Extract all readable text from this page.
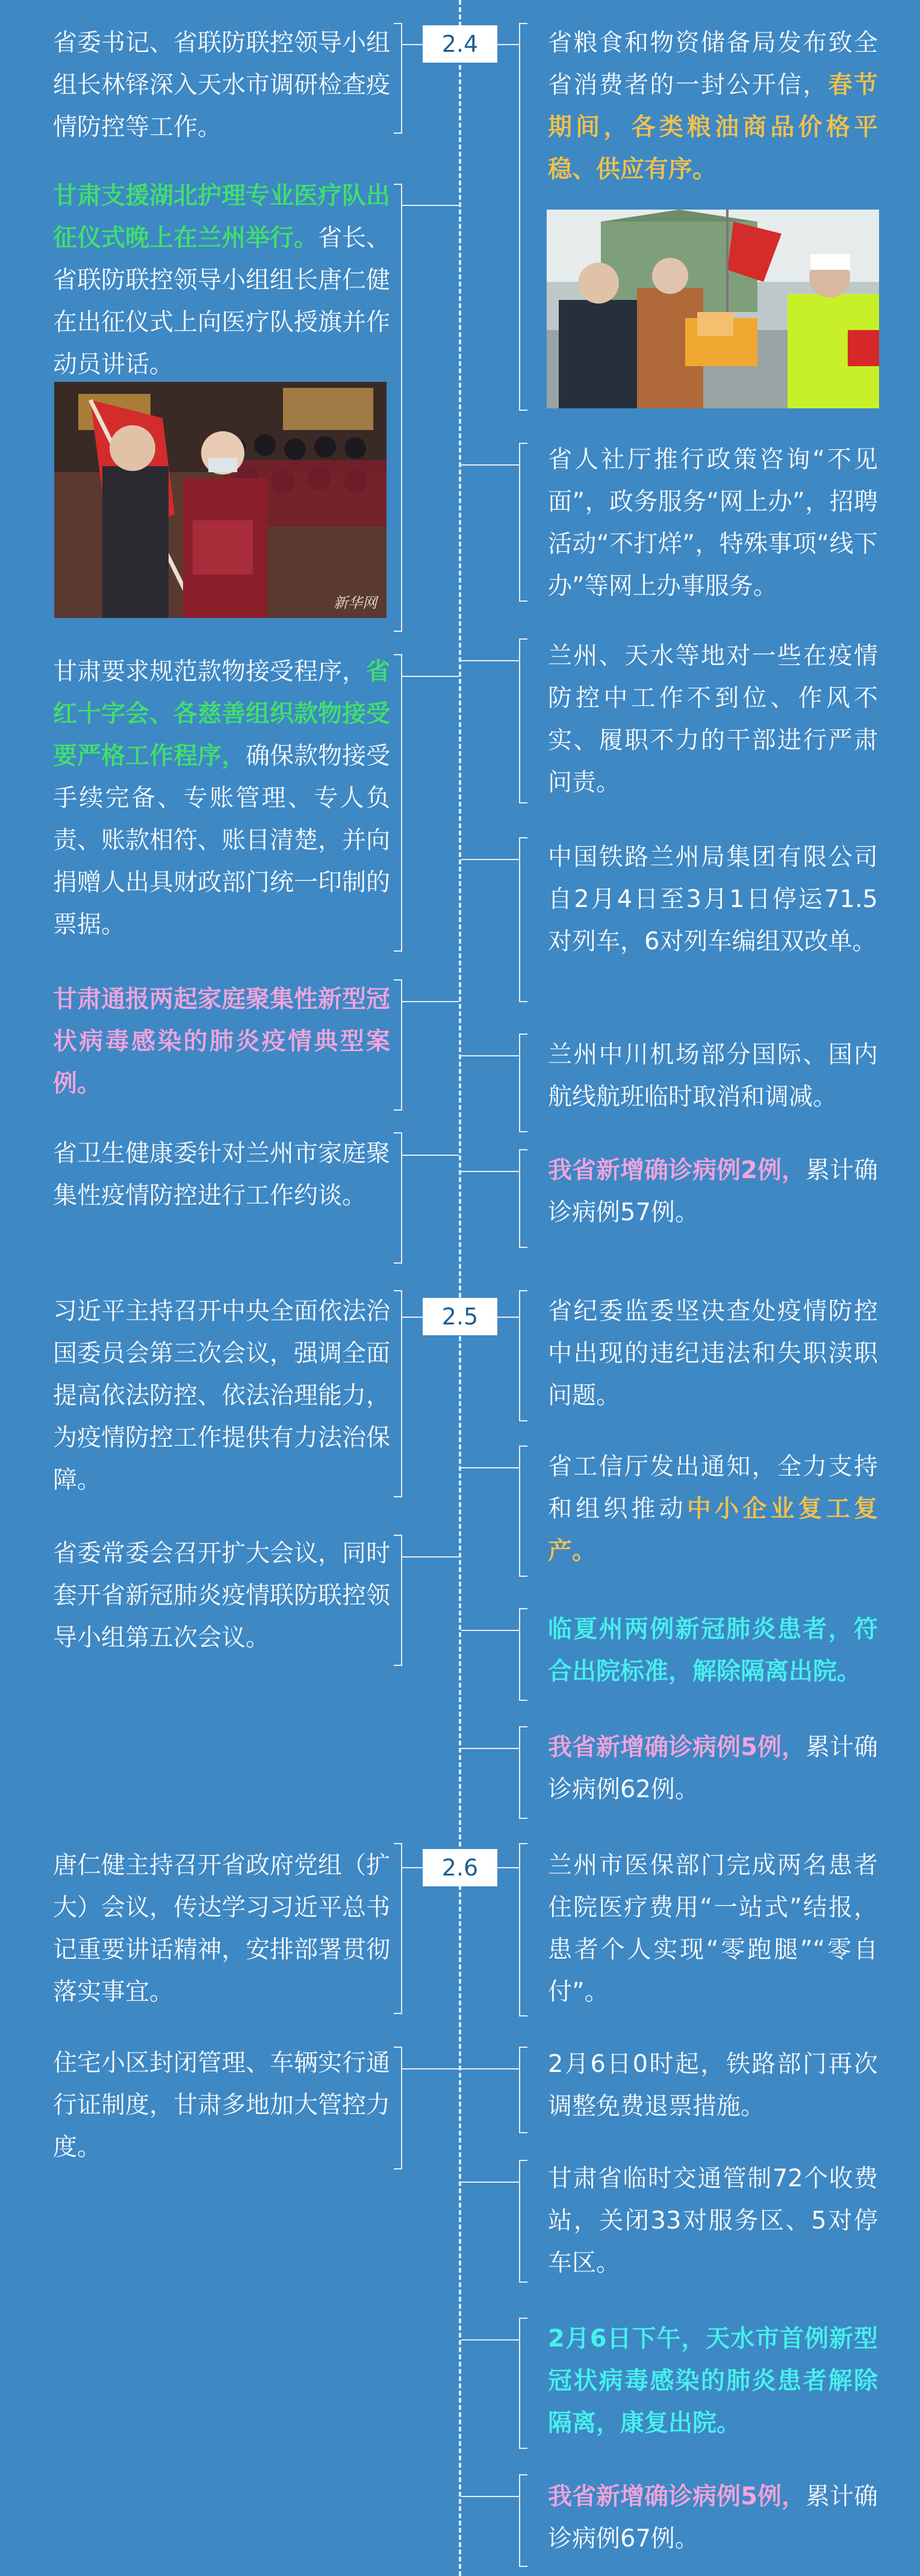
2.4
2.5
2.6

省委书记、省联防联控领导小组组长林铎深入天水市调研检查疫情防控等工作。

甘肃支援湖北护理专业医疗队出征仪式晚上在兰州举行。省长、省联防联控领导小组组长唐仁健在出征仪式上向医疗队授旗并作动员讲话。

新华网

甘肃要求规范款物接受程序，省红十字会、各慈善组织款物接受要严格工作程序，确保款物接受手续完备、专账管理、专人负责、账款相符、账目清楚，并向捐赠人出具财政部门统一印制的票据。

甘肃通报两起家庭聚集性新型冠状病毒感染的肺炎疫情典型案例。

省卫生健康委针对兰州市家庭聚集性疫情防控进行工作约谈。

习近平主持召开中央全面依法治国委员会第三次会议，强调全面提高依法防控、依法治理能力，为疫情防控工作提供有力法治保障。

省委常委会召开扩大会议，同时套开省新冠肺炎疫情联防联控领导小组第五次会议。

唐仁健主持召开省政府党组（扩大）会议，传达学习习近平总书记重要讲话精神，安排部署贯彻落实事宜。

住宅小区封闭管理、车辆实行通行证制度，甘肃多地加大管控力度。

省粮食和物资储备局发布致全省消费者的一封公开信，春节期间，各类粮油商品价格平稳、供应有序。

省人社厅推行政策咨询“不见面”，政务服务“网上办”，招聘活动“不打烊”，特殊事项“线下办”等网上办事服务。

兰州、天水等地对一些在疫情防控中工作不到位、作风不实、履职不力的干部进行严肃问责。

中国铁路兰州局集团有限公司自2月4日至3月1日停运71.5对列车，6对列车编组双改单。

兰州中川机场部分国际、国内航线航班临时取消和调减。

我省新增确诊病例2例，累计确诊病例57例。

省纪委监委坚决查处疫情防控中出现的违纪违法和失职渎职问题。

省工信厅发出通知，全力支持和组织推动中小企业复工复产。

临夏州两例新冠肺炎患者，符合出院标准，解除隔离出院。

我省新增确诊病例5例，累计确诊病例62例。

兰州市医保部门完成两名患者住院医疗费用“一站式”结报，患者个人实现“零跑腿”“零自付”。

2月6日0时起，铁路部门再次调整免费退票措施。

甘肃省临时交通管制72个收费站，关闭33对服务区、5对停车区。

2月6日下午，天水市首例新型冠状病毒感染的肺炎患者解除隔离，康复出院。

我省新增确诊病例5例，累计确诊病例67例。
